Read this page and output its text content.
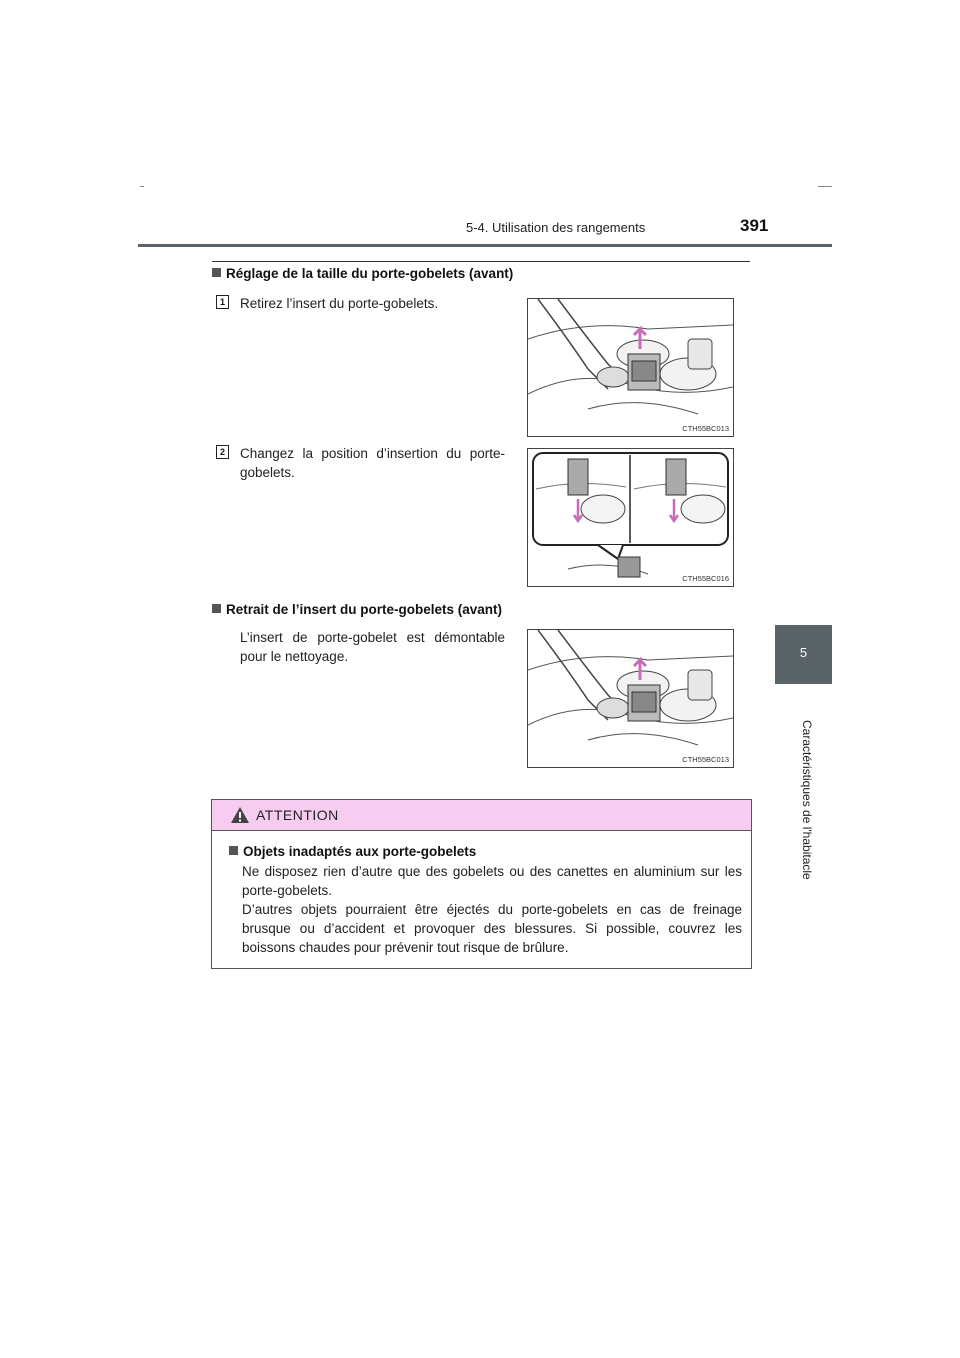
5-4. Utilisation des rangements	391
5
Caractéristiques de l'habitacle
Réglage de la taille du porte-gobelets (avant)
1 Retirez l’insert du porte-gobelets.
CTH55BC013
2 Changez la position d’insertion du porte-gobelets.
CTH55BC016
Retrait de l’insert du porte-gobelets (avant)
L’insert de porte-gobelet est démontable pour le nettoyage.
CTH55BC013
ATTENTION
Objets inadaptés aux porte-gobelets
Ne disposez rien d’autre que des gobelets ou des canettes en aluminium sur les porte-gobelets.
D’autres objets pourraient être éjectés du porte-gobelets en cas de freinage brusque ou d’accident et provoquer des blessures. Si possible, couvrez les boissons chaudes pour prévenir tout risque de brûlure.
